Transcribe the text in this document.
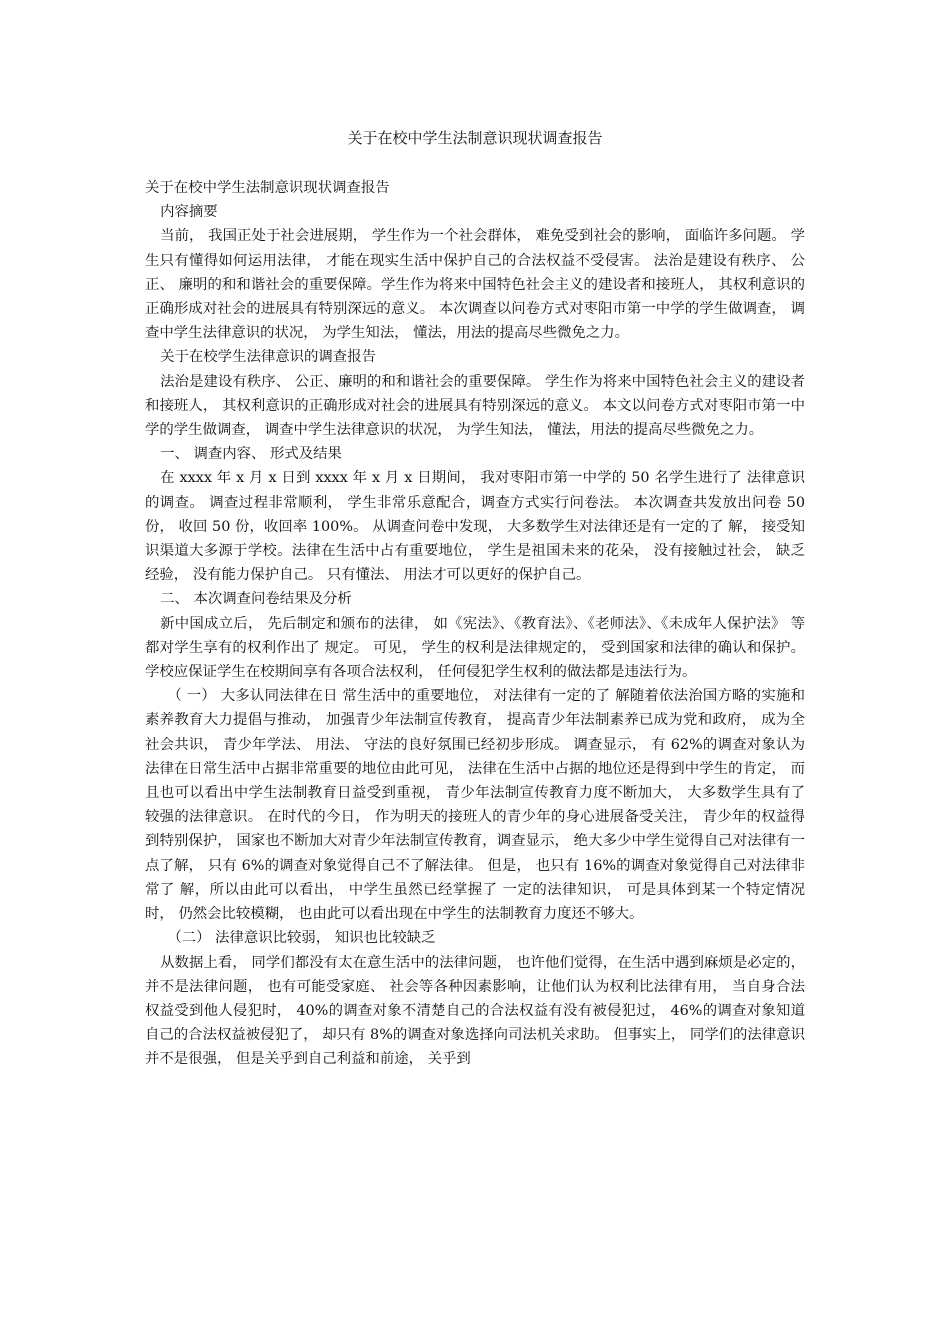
关于在校中学生法制意识现状调查报告

关于在校中学生法制意识现状调查报告

内容摘要

当前， 我国正处于社会进展期， 学生作为一个社会群体， 难免受到社会的影响， 面临许多问题。 学生只有懂得如何运用法律， 才能在现实生活中保护自己的合法权益不受侵害。 法治是建设有秩序、 公正、 廉明的和和谐社会的重要保障。学生作为将来中国特色社会主义的建设者和接班人， 其权利意识的正确形成对社会的进展具有特别深远的意义。 本次调查以问卷方式对枣阳市第一中学的学生做调查， 调查中学生法律意识的状况， 为学生知法， 懂法，用法的提高尽些微免之力。

关于在校学生法律意识的调查报告

法治是建设有秩序、 公正、廉明的和和谐社会的重要保障。 学生作为将来中国特色社会主义的建设者和接班人， 其权利意识的正确形成对社会的进展具有特别深远的意义。 本文以问卷方式对枣阳市第一中学的学生做调查， 调查中学生法律意识的状况， 为学生知法， 懂法，用法的提高尽些微免之力。

一、 调查内容、 形式及结果

在 xxxx 年 x 月 x 日到 xxxx 年 x 月 x 日期间， 我对枣阳市第一中学的 50 名学生进行了 法律意识的调查。 调查过程非常顺利， 学生非常乐意配合，调查方式实行问卷法。 本次调查共发放出问卷 50 份， 收回 50 份，收回率 100%。 从调查问卷中发现， 大多数学生对法律还是有一定的了 解， 接受知识渠道大多源于学校。法律在生活中占有重要地位， 学生是祖国未来的花朵， 没有接触过社会， 缺乏经验， 没有能力保护自己。 只有懂法、 用法才可以更好的保护自己。

二、 本次调查问卷结果及分析

新中国成立后， 先后制定和颁布的法律， 如《宪法》、《教育法》、《老师法》、《未成年人保护法》 等都对学生享有的权利作出了 规定。 可见， 学生的权利是法律规定的， 受到国家和法律的确认和保护。 学校应保证学生在校期间享有各项合法权利， 任何侵犯学生权利的做法都是违法行为。

（ 一） 大多认同法律在日 常生活中的重要地位， 对法律有一定的了 解随着依法治国方略的实施和素养教育大力提倡与推动， 加强青少年法制宣传教育， 提高青少年法制素养已成为党和政府， 成为全社会共识， 青少年学法、 用法、 守法的良好氛围已经初步形成。 调查显示， 有 62%的调查对象认为法律在日常生活中占据非常重要的地位由此可见， 法律在生活中占据的地位还是得到中学生的肯定， 而且也可以看出中学生法制教育日益受到重视， 青少年法制宣传教育力度不断加大， 大多数学生具有了 较强的法律意识。 在时代的今日， 作为明天的接班人的青少年的身心进展备受关注， 青少年的权益得到特别保护， 国家也不断加大对青少年法制宣传教育，调查显示， 绝大多少中学生觉得自己对法律有一点了解， 只有 6%的调查对象觉得自己不了解法律。 但是， 也只有 16%的调查对象觉得自己对法律非常了 解，所以由此可以看出， 中学生虽然已经掌握了 一定的法律知识， 可是具体到某一个特定情况时， 仍然会比较模糊， 也由此可以看出现在中学生的法制教育力度还不够大。

（二） 法律意识比较弱， 知识也比较缺乏

从数据上看， 同学们都没有太在意生活中的法律问题， 也许他们觉得，在生活中遇到麻烦是必定的， 并不是法律问题， 也有可能受家庭、 社会等各种因素影响，让他们认为权利比法律有用， 当自身合法权益受到他人侵犯时， 40%的调查对象不清楚自己的合法权益有没有被侵犯过， 46%的调查对象知道自己的合法权益被侵犯了， 却只有 8%的调查对象选择向司法机关求助。 但事实上， 同学们的法律意识并不是很强， 但是关乎到自己利益和前途， 关乎到
